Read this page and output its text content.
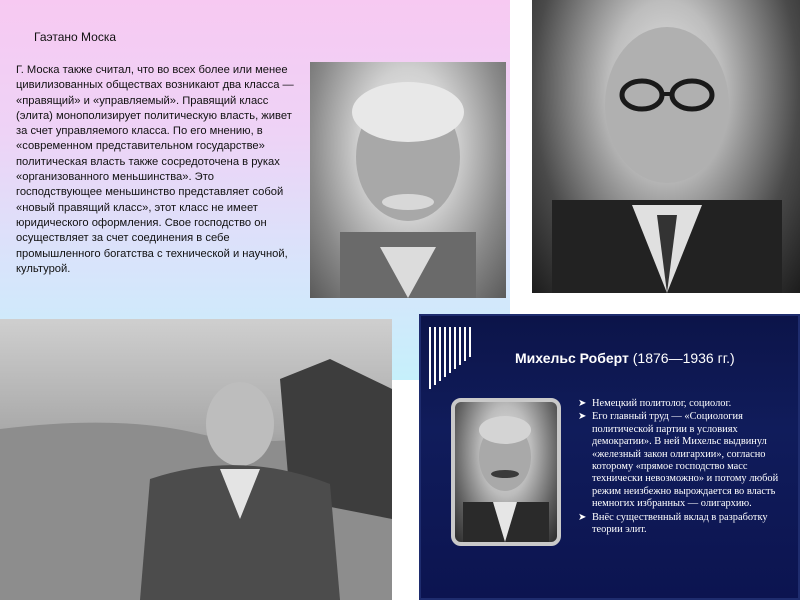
Гаэтано Моска
Г. Моска также считал, что во всех более или менее цивилизованных обществах возникают два класса — «правящий» и «управляемый». Правящий класс (элита) монополизирует политическую власть, живет за счет управляемого класса. По его мнению, в «современном представительном государстве» политическая власть также сосредоточена в руках «организованного меньшинства». Это господствующее меньшинство представляет собой «новый правящий класс», этот класс не имеет юридического оформления. Свое господство он осуществляет за счет соединения в себе промышленного богатства с технической и научной, культурой.
Михельс Роберт (1876—1936 гг.)
➤ Немецкий политолог, социолог.
➤ Его главный труд — «Социология политической партии в условиях демократии». В ней Михельс выдвинул «железный закон олигархии», согласно которому «прямое господство масс технически невозможно» и потому любой режим неизбежно вырождается во власть немногих избранных — олигархию.
➤ Внёс существенный вклад в разработку теории элит.
